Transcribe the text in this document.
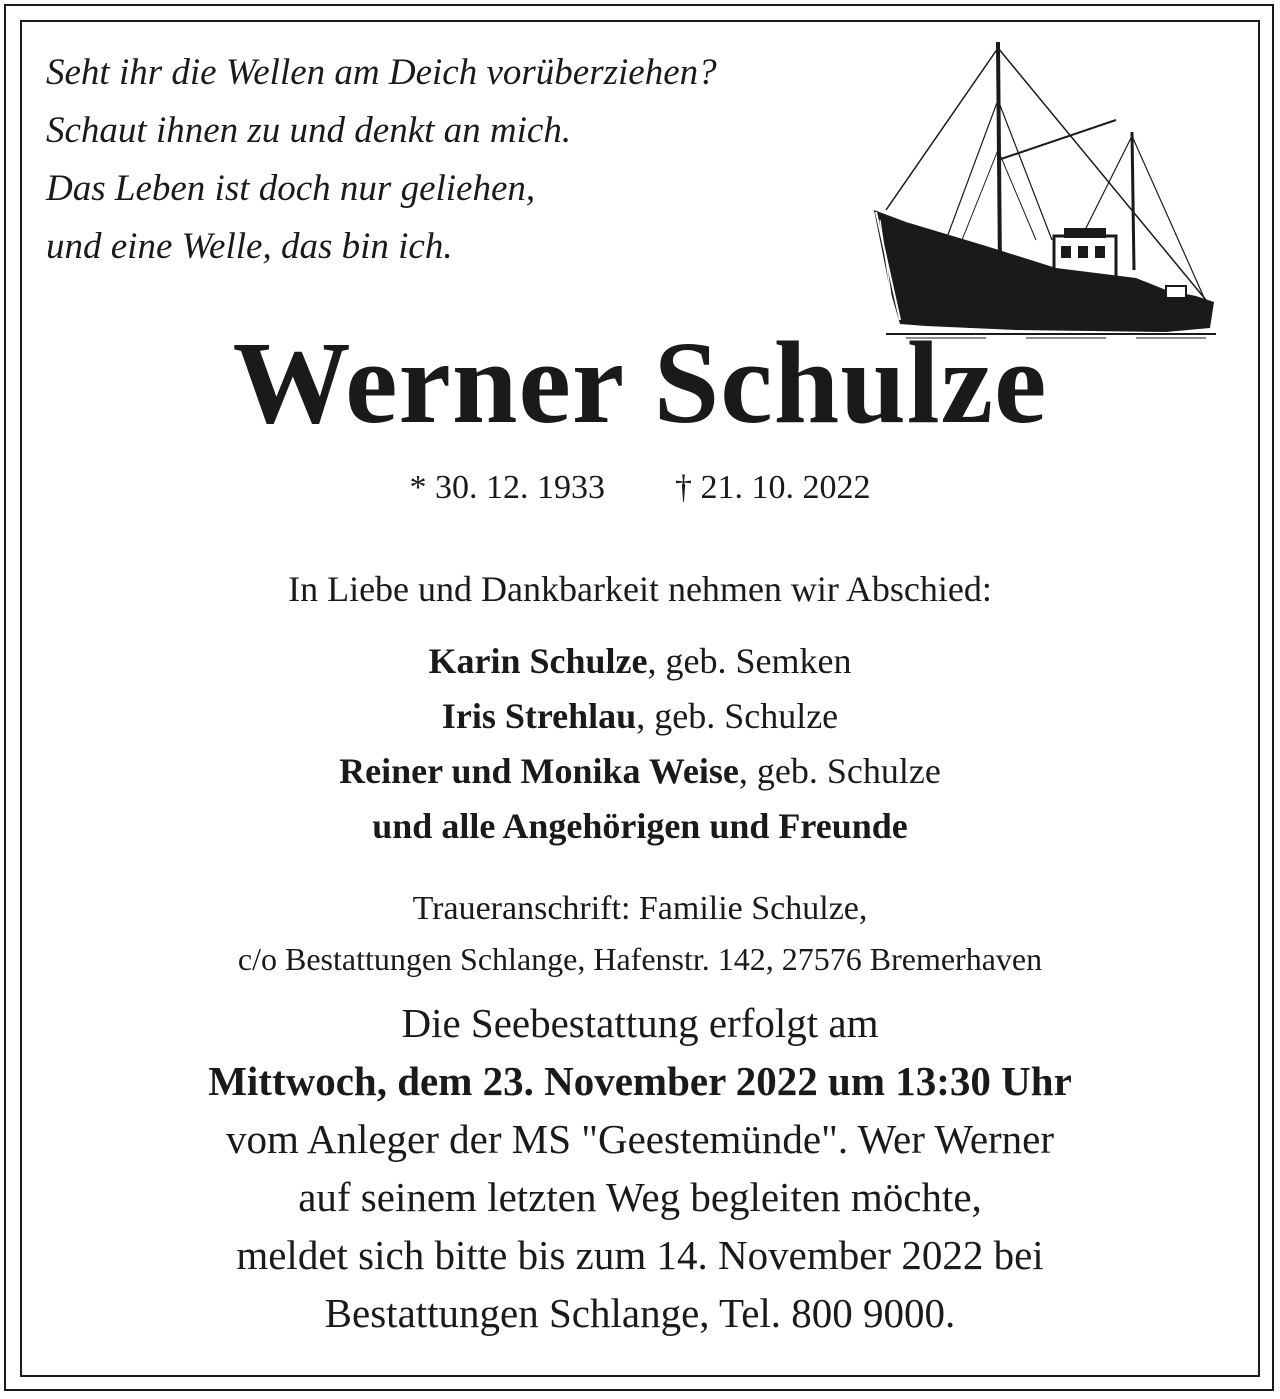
Seht ihr die Wellen am Deich vorüberziehen?
Schaut ihnen zu und denkt an mich.
Das Leben ist doch nur geliehen,
und eine Welle, das bin ich.
Werner Schulze
* 30. 12. 1933 † 21. 10. 2022
In Liebe und Dankbarkeit nehmen wir Abschied:
Karin Schulze, geb. Semken
Iris Strehlau, geb. Schulze
Reiner und Monika Weise, geb. Schulze
und alle Angehörigen und Freunde
Traueranschrift: Familie Schulze,
c/o Bestattungen Schlange, Hafenstr. 142, 27576 Bremerhaven
Die Seebestattung erfolgt am
Mittwoch, dem 23. November 2022 um 13:30 Uhr
vom Anleger der MS "Geestemünde". Wer Werner
auf seinem letzten Weg begleiten möchte,
meldet sich bitte bis zum 14. November 2022 bei
Bestattungen Schlange, Tel. 800 9000.
